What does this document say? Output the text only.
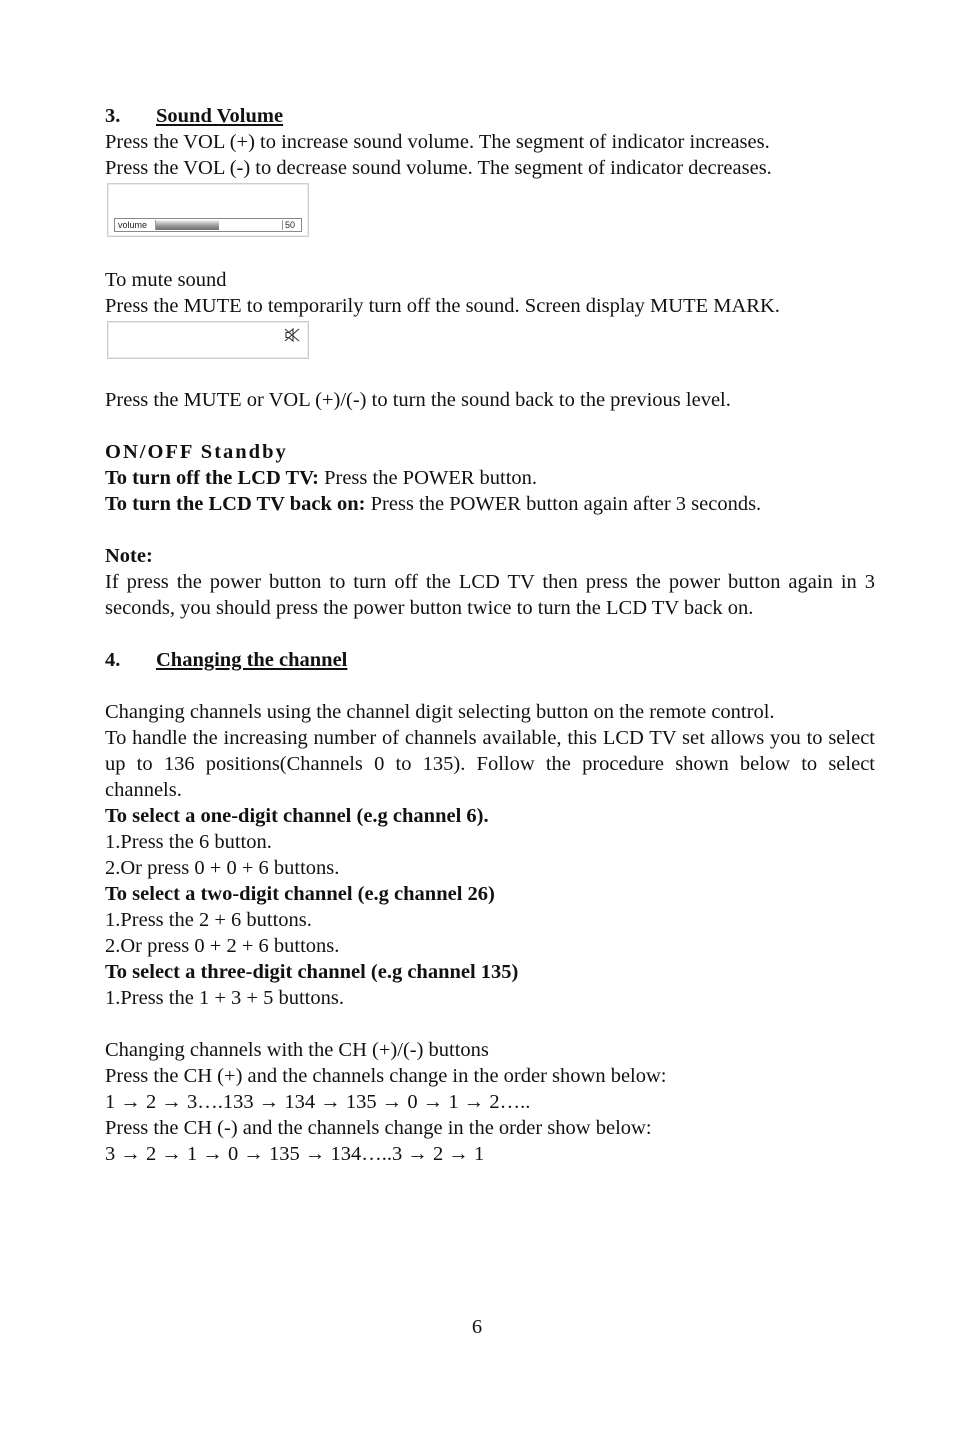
3. Sound Volume

Press the VOL (+) to increase sound volume. The segment of indicator increases.

Press the VOL (-) to decrease sound volume. The segment of indicator decreases.

volume	50

To mute sound

Press the MUTE to temporarily turn off the sound. Screen display MUTE MARK.

Press the MUTE or VOL (+)/(-) to turn the sound back to the previous level.

ON/OFF Standby

To turn off the LCD TV: Press the POWER button.

To turn the LCD TV back on: Press the POWER button again after 3 seconds.

Note:

If press the power button to turn off the LCD TV then press the power button again in 3 seconds, you should press the power button twice to turn the LCD TV back on.

4. Changing the channel

Changing channels using the channel digit selecting button on the remote control.

To handle the increasing number of channels available, this LCD TV set allows you to select up to 136 positions(Channels 0 to 135). Follow the procedure shown below to select channels.

To select a one-digit channel (e.g channel 6).

1.Press the 6 button.

2.Or press 0 + 0 + 6 buttons.

To select a two-digit channel (e.g channel 26)

1.Press the 2 + 6 buttons.

2.Or press 0 + 2 + 6 buttons.

To select a three-digit channel (e.g channel 135)

1.Press the 1 + 3 + 5 buttons.

Changing channels with the CH (+)/(-) buttons

Press the CH (+) and the channels change in the order shown below:

1 → 2 → 3….133 → 134 → 135 → 0 → 1 → 2…..

Press the CH (-) and the channels change in the order show below:

3 → 2 → 1 → 0 → 135 → 134…..3 → 2 → 1

6
